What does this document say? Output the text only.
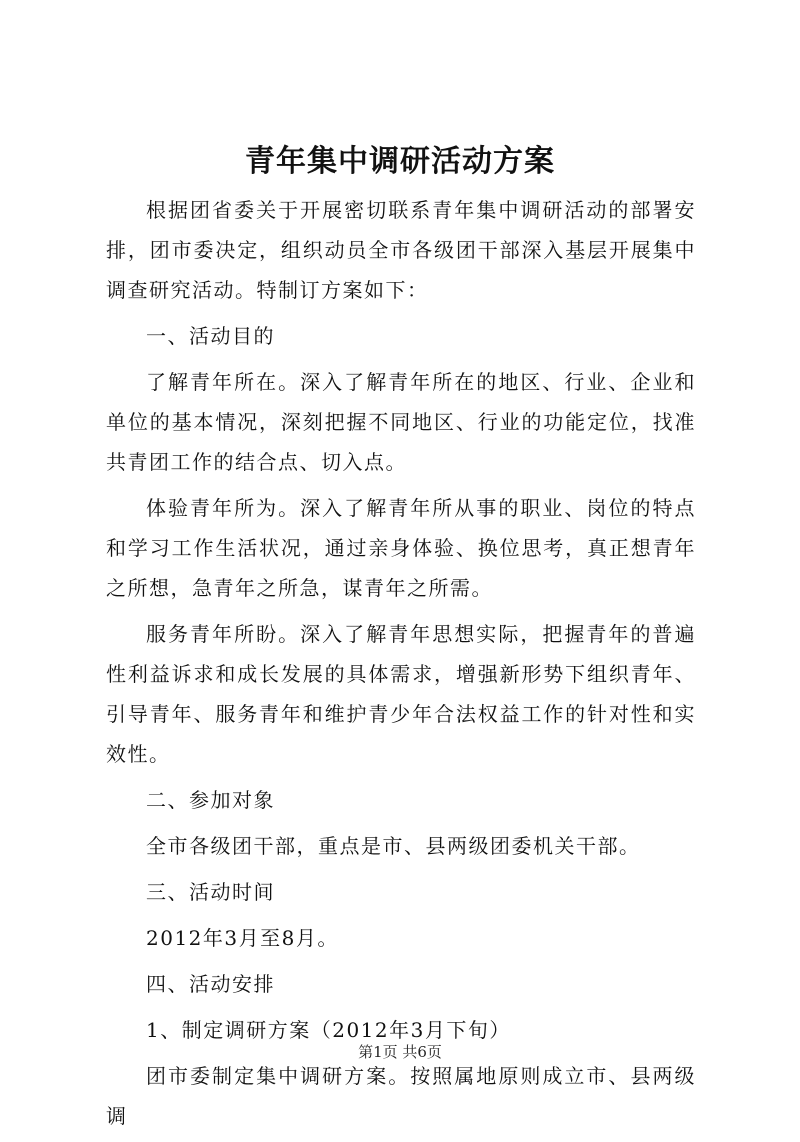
青年集中调研活动方案

根据团省委关于开展密切联系青年集中调研活动的部署安排，团市委决定，组织动员全市各级团干部深入基层开展集中调查研究活动。特制订方案如下：

一、活动目的

了解青年所在。深入了解青年所在的地区、行业、企业和单位的基本情况，深刻把握不同地区、行业的功能定位，找准共青团工作的结合点、切入点。

体验青年所为。深入了解青年所从事的职业、岗位的特点和学习工作生活状况，通过亲身体验、换位思考，真正想青年之所想，急青年之所急，谋青年之所需。

服务青年所盼。深入了解青年思想实际，把握青年的普遍性利益诉求和成长发展的具体需求，增强新形势下组织青年、引导青年、服务青年和维护青少年合法权益工作的针对性和实效性。

二、参加对象

全市各级团干部，重点是市、县两级团委机关干部。

三、活动时间

2012年3月至8月。

四、活动安排

1、制定调研方案（2012年3月下旬）

团市委制定集中调研方案。按照属地原则成立市、县两级调

第1页 共6页
